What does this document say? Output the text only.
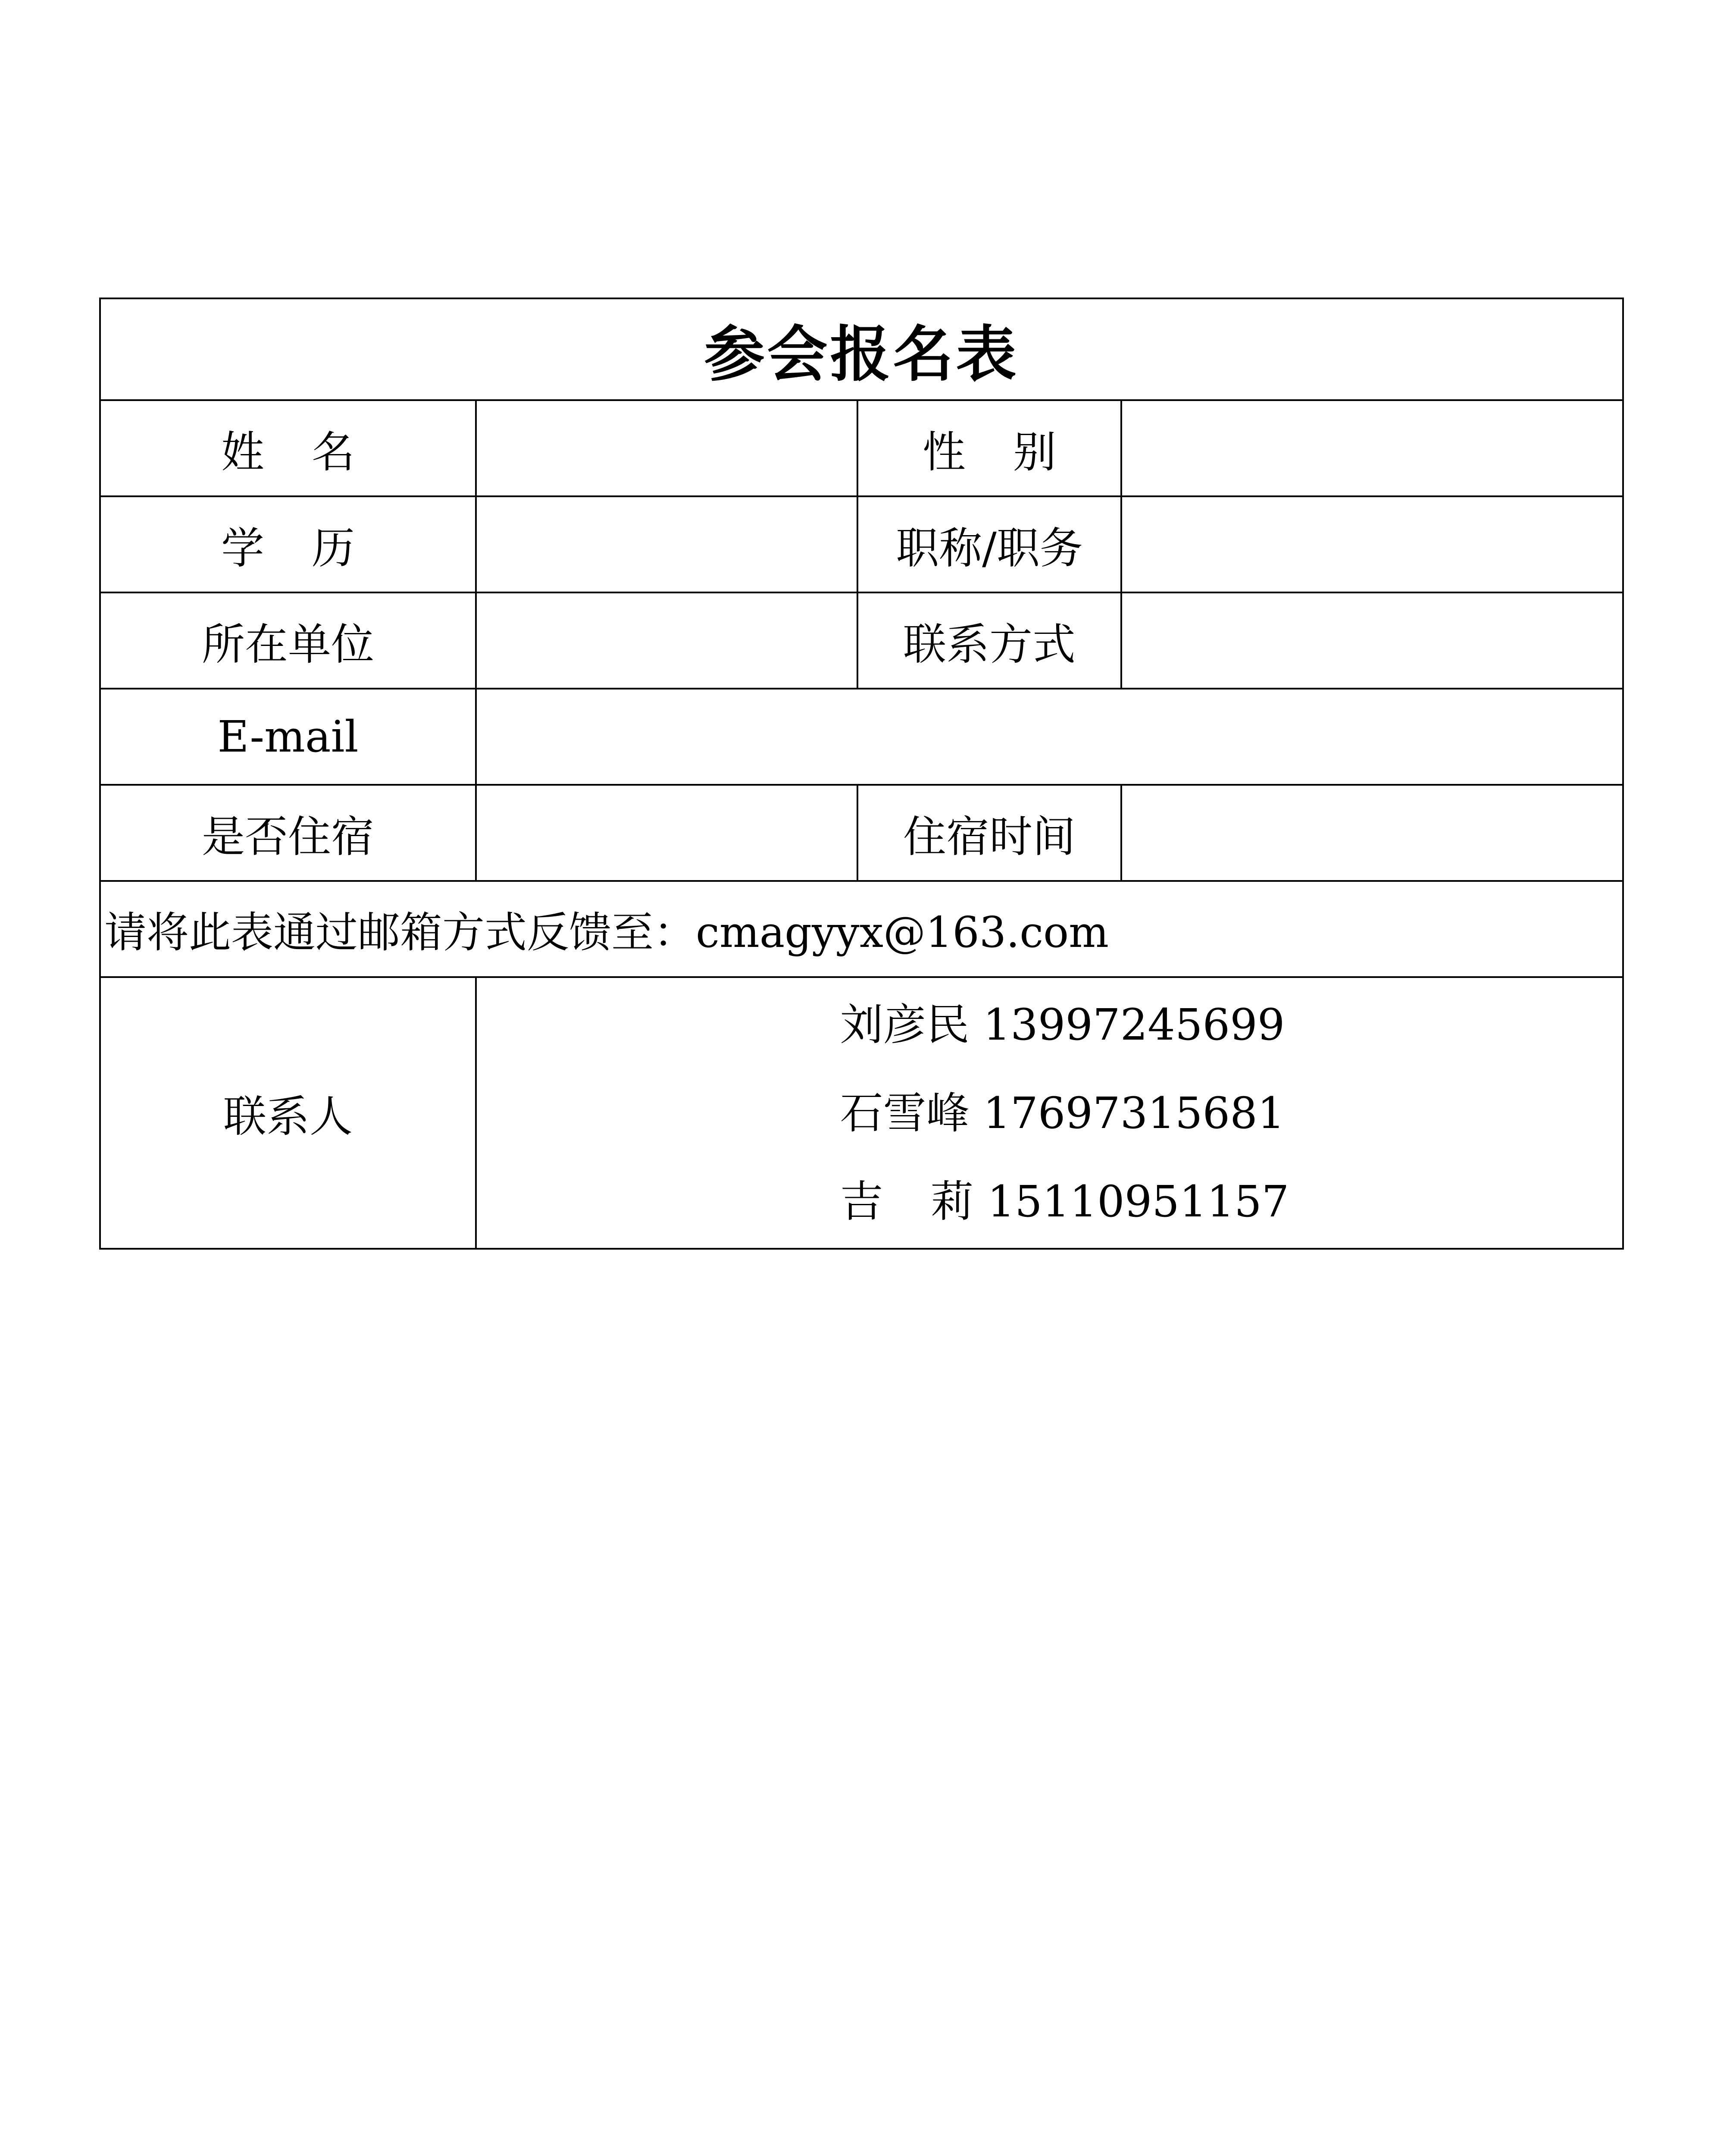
参会报名表			
姓 名		性 别	
学 历		职称/职务	
所在单位		联系方式	
E-mail			
是否住宿		住宿时间	
请将此表通过邮箱方式反馈至：cmagyyx@163.com			
联系人	刘彦民 13997245699
石雪峰 17697315681
吉 莉 15110951157		
